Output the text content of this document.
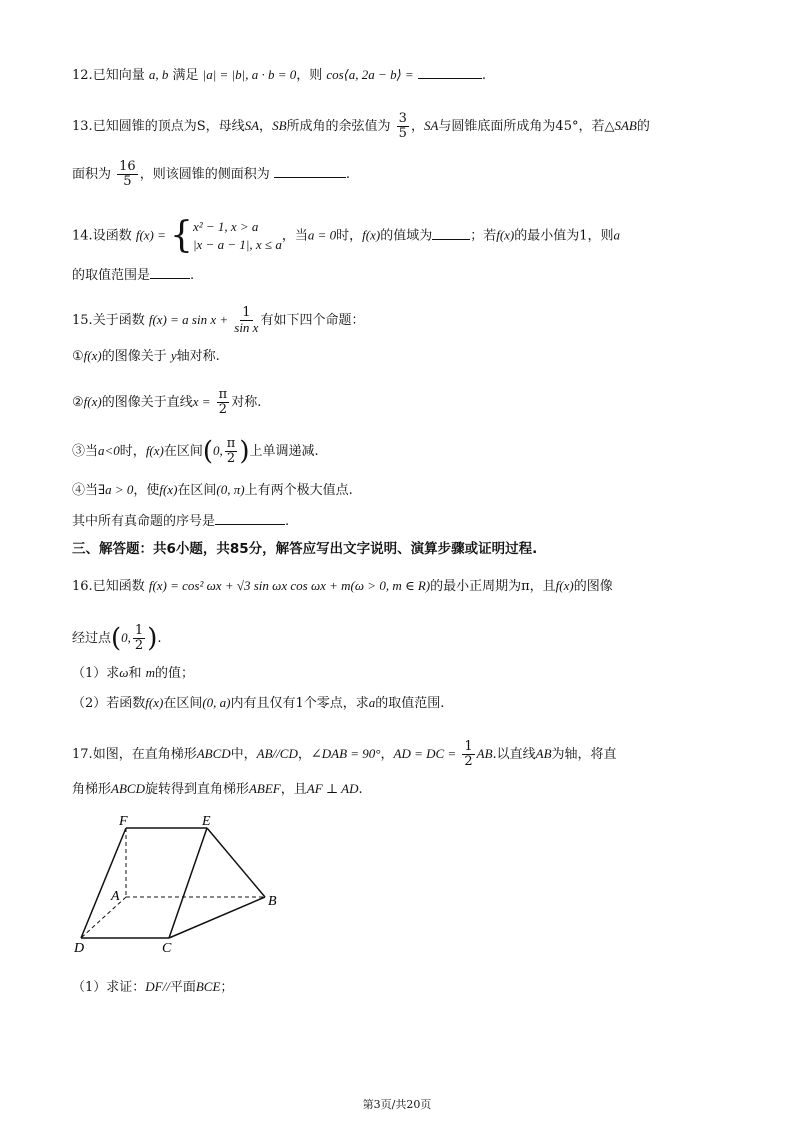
12.已知向量 a, b 满足 |a| = |b|, a · b = 0，则 cos⟨a, 2a − b⟩ =	.
13.已知圆锥的顶点为S，母线SA，SB所成角的余弦值为 $\frac{3}{5}$ ，SA与圆锥底面所成角为45°，若△SAB的
面积为 $\frac{16}{5}$ ，则该圆锥的侧面积为	.
14.设函数 f(x) = { x² − 1, x > a
|x − a − 1|, x ≤ a
，当a = 0时，f(x)的值域为	；若f(x)的最小值为1，则a
的取值范围是	.
15.关于函数 f(x) = a $\sin x + \frac{1}{\text{sin x}}$ 有如下四个命题：
①f(x)的图像关于 y轴对称.
②f(x)的图像关于直线$x = \frac{\pi}{2}$ 对称.
③当a<0时，f(x)在区间(0, $\frac{\pi}{2}$ )上单调递减.
④当∃a > 0，使f(x)在区间(0, π)上有两个极大值点.
其中所有真命题的序号是	.
三、解答题：共6小题，共85分，解答应写出文字说明、演算步骤或证明过程.
16.已知函数 f(x) = cos² ωx + √3 sin ωx cos ωx + m(ω > 0, m ∈ R)的最小正周期为π，且f(x)的图像
经过点(0, $\frac{1}{2}$ ).
（1）求ω和 m的值；
（2）若函数f(x)在区间(0, a)内有且仅有1个零点，求a的取值范围.
17.如图，在直角梯形ABCD中，AB//CD，∠DAB = 90°，AD = DC = $\frac{1}{2}$ AB.以直线AB为轴，将直
角梯形ABCD旋转得到直角梯形ABEF，且AF ⊥ AD.
F	E
A	B
D	C
（1）求证：DF//平面BCE；
第3页/共20页
